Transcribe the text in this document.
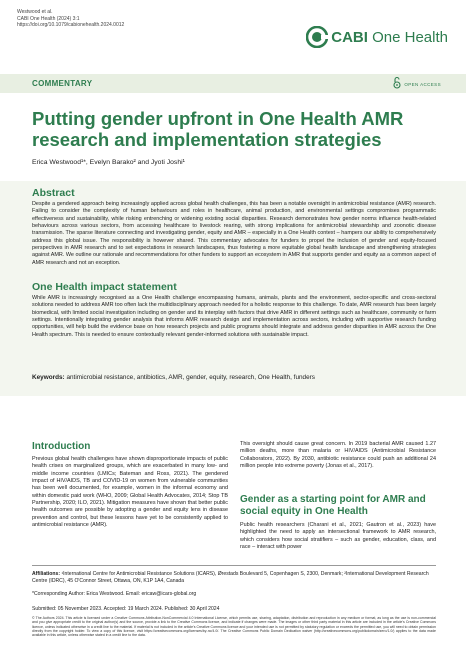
Westwood et al.
CABI One Health (2024) 3:1
https://doi.org/10.1079/cabionehealth.2024.0012
CABI One Health
COMMENTARY	OPEN ACCESS
Putting gender upfront in One Health AMR research and implementation strategies
Erica Westwood¹*, Evelyn Barako² and Jyoti Joshi¹
Abstract

Despite a gendered approach being increasingly applied across global health challenges, this has been a notable oversight in antimicrobial resistance (AMR) research. Failing to consider the complexity of human behaviours and roles in healthcare, animal production, and environmental settings compromises programmatic effectiveness and sustainability, while risking entrenching or widening existing social disparities. Research demonstrates how gender norms influence health-related behaviours across various sectors, from accessing healthcare to livestock rearing, with strong implications for antimicrobial stewardship and zoonotic disease transmission. The sparse literature connecting and investigating gender, equity and AMR – especially in a One Health context – hampers our ability to comprehensively address this global issue. The responsibility is however shared. This commentary advocates for funders to propel the inclusion of gender and equity-focused perspectives in AMR research and to set expectations in research landscapes, thus fostering a more equitable global health landscape and strengthening strategies against AMR. We outline our rationale and recommendations for other funders to support an ecosystem in AMR that supports gender and equity as a common aspect of AMR research and not an exception.

One Health impact statement

While AMR is increasingly recognised as a One Health challenge encompassing humans, animals, plants and the environment, sector-specific and cross-sectoral solutions needed to address AMR too often lack the multidisciplinary approach needed for a holistic response to this challenge. To date, AMR research has been largely biomedical, with limited social investigation including on gender and its interplay with factors that drive AMR in different settings such as healthcare, community or farm settings. Intentionally integrating gender analysis that informs AMR research design and implementation across sectors, including with supportive research funding opportunities, will help build the evidence base on how research projects and public programs should integrate and address gender disparities in AMR across the One Health spectrum. This is needed to ensure contextually relevant gender-informed solutions with sustainable impact.

Keywords: antimicrobial resistance, antibiotics, AMR, gender, equity, research, One Health, funders
Introduction

Previous global health challenges have shown disproportionate impacts of public health crises on marginalized groups, which are exacerbated in many low- and middle income countries (LMICs; Bateman and Ross, 2021). The gendered impact of HIV/AIDS, TB and COVID-19 on women from vulnerable communities has been well documented, for example, women in the informal economy and within domestic paid work (WHO, 2009; Global Health Advocates, 2014; Stop TB Partnership, 2020; ILO, 2021). Mitigation measures have shown that better public health outcomes are possible by adopting a gender and equity lens in disease prevention and control, but these lessons have yet to be consistently applied to antimicrobial resistance (AMR).

This oversight should cause great concern. In 2019 bacterial AMR caused 1.27 million deaths, more than malaria or HIV/AIDS (Antimicrobial Resistance Collaborators, 2022). By 2030, antibiotic resistance could push an additional 24 million people into extreme poverty (Jonas et al., 2017).

Gender as a starting point for AMR and social equity in One Health

Public health researchers (Charani et al., 2021; Gautron et al., 2023) have highlighted the need to apply an intersectional framework to AMR research, which considers how social stratifiers – such as gender, education, class, and race – interact with power

Affiliations: ¹International Centre for Antimicrobial Resistance Solutions (ICARS), Ørestads Boulevard 5, Copenhagen S, 2300, Denmark; ²International Development Research Centre (IDRC), 45 O'Connor Street, Ottawa, ON, K1P 1A4, Canada

*Corresponding Author: Erica Westwood. Email: ericaw@icars-global.org
Submitted: 05 November 2023. Accepted: 19 March 2024. Published: 30 April 2024

© The Authors 2024. This article is licensed under a Creative Commons Attribution-NonCommercial 4.0 International License, which permits use, sharing, adaptation, distribution and reproduction in any medium or format, as long as the use is non-commercial and you give appropriate credit to the original author(s) and the source, provide a link to the Creative Commons licence, and indicate if changes were made. The images or other third party material in this article are included in the article's Creative Commons licence, unless indicated otherwise in a credit line to the material. If material is not included in the article's Creative Commons licence and your intended use is not permitted by statutory regulation or exceeds the permitted use, you will need to obtain permission directly from the copyright holder. To view a copy of this licence, visit https://creativecommons.org/licenses/by-nc/4.0/. The Creative Commons Public Domain Dedication waiver (http://creativecommons.org/publicdomain/zero/1.0/) applies to the data made available in this article, unless otherwise stated in a credit line to the data.
